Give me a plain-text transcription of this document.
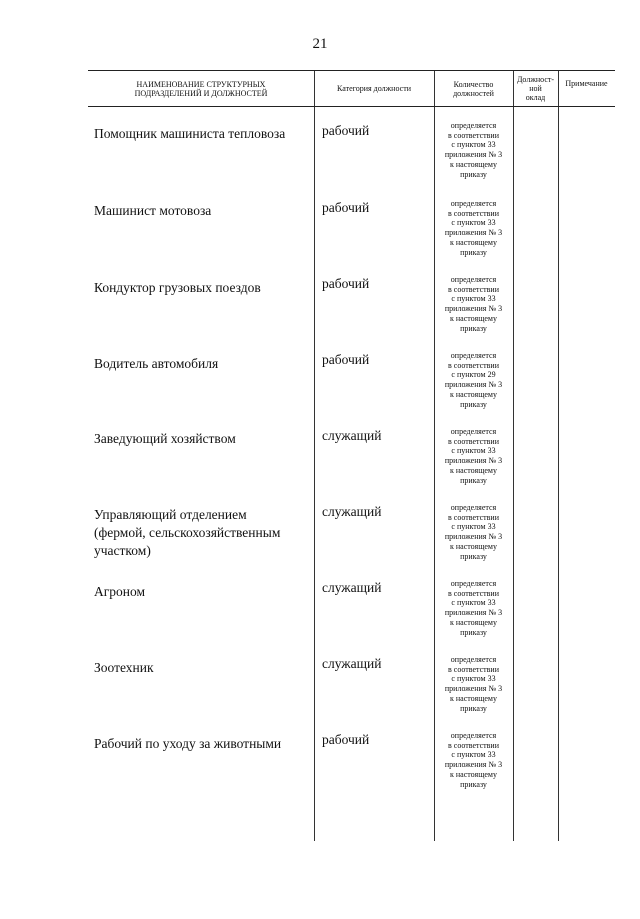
21
НАИМЕНОВАНИЕ СТРУКТУРНЫХ
ПОДРАЗДЕЛЕНИЙ И ДОЛЖНОСТЕЙ	Категория должности	Количество
должностей
Должност-
ной
оклад
Примечание
Помощник машиниста тепловоза	рабочий	определяется
в соответствии
с пунктом 33
приложения № 3
к настоящему
приказу
Машинист мотовоза	рабочий	определяется
в соответствии
с пунктом 33
приложения № 3
к настоящему
приказу
Кондуктор грузовых поездов	рабочий	определяется
в соответствии
с пунктом 33
приложения № 3
к настоящему
приказу
Водитель автомобиля	рабочий	определяется
в соответствии
с пунктом 29
приложения № 3
к настоящему
приказу
Заведующий хозяйством	служащий	определяется
в соответствии
с пунктом 33
приложения № 3
к настоящему
приказу
Управляющий отделением
(фермой, сельскохозяйственным
участком)
служащий	определяется
в соответствии
с пунктом 33
приложения № 3
к настоящему
приказу
Агроном	служащий	определяется
в соответствии
с пунктом 33
приложения № 3
к настоящему
приказу
Зоотехник	служащий	определяется
в соответствии
с пунктом 33
приложения № 3
к настоящему
приказу
Рабочий по уходу за животными	рабочий	определяется
в соответствии
с пунктом 33
приложения № 3
к настоящему
приказу
